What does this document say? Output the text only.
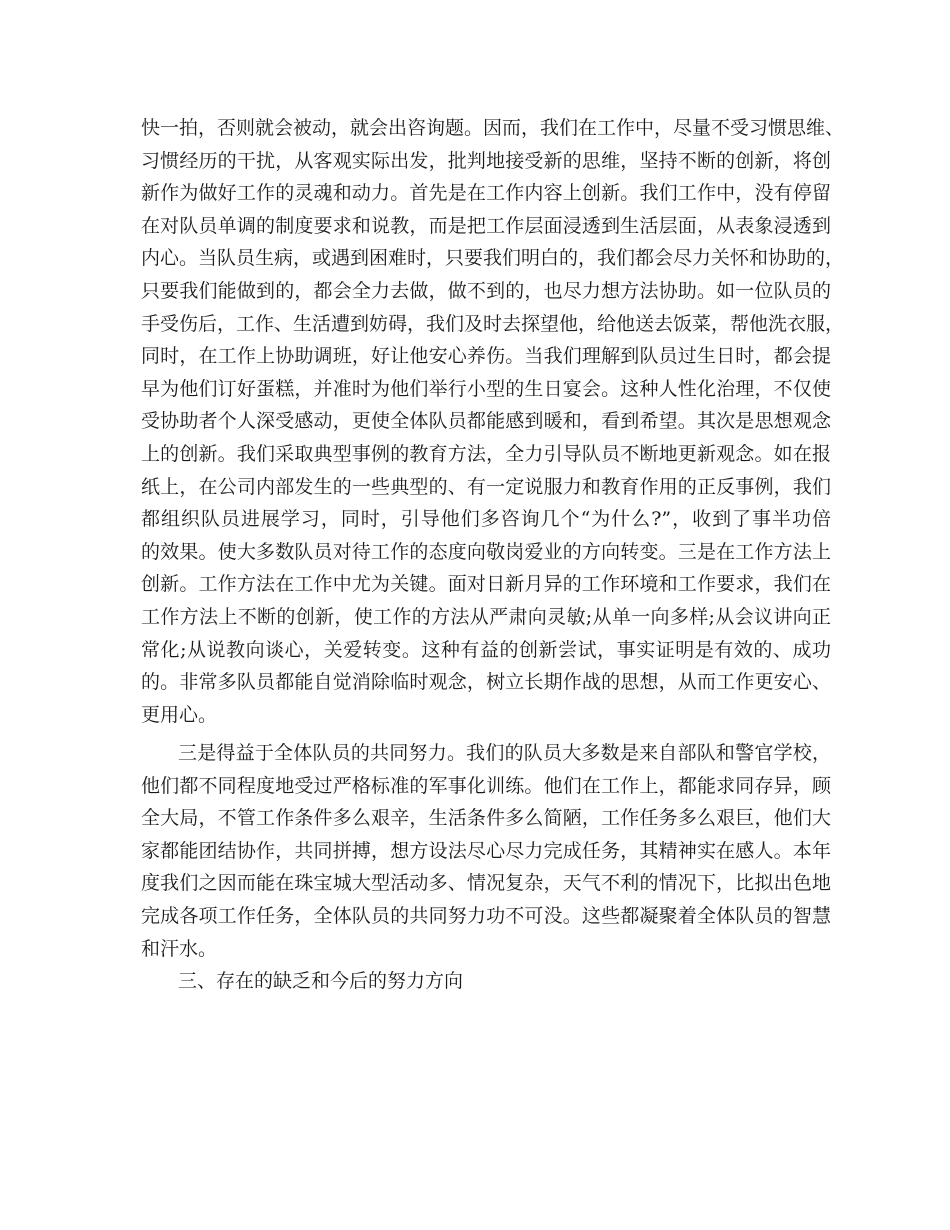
快一拍，否则就会被动，就会出咨询题。因而，我们在工作中，尽量不受习惯思维、
习惯经历的干扰，从客观实际出发，批判地接受新的思维，坚持不断的创新，将创
新作为做好工作的灵魂和动力。首先是在工作内容上创新。我们工作中，没有停留
在对队员单调的制度要求和说教，而是把工作层面浸透到生活层面，从表象浸透到
内心。当队员生病，或遇到困难时，只要我们明白的，我们都会尽力关怀和协助的，
只要我们能做到的，都会全力去做，做不到的，也尽力想方法协助。如一位队员的
手受伤后，工作、生活遭到妨碍，我们及时去探望他，给他送去饭菜，帮他洗衣服，
同时，在工作上协助调班，好让他安心养伤。当我们理解到队员过生日时，都会提
早为他们订好蛋糕，并准时为他们举行小型的生日宴会。这种人性化治理，不仅使
受协助者个人深受感动，更使全体队员都能感到暖和，看到希望。其次是思想观念
上的创新。我们采取典型事例的教育方法，全力引导队员不断地更新观念。如在报
纸上，在公司内部发生的一些典型的、有一定说服力和教育作用的正反事例，我们
都组织队员进展学习，同时，引导他们多咨询几个“为什么?”，收到了事半功倍
的效果。使大多数队员对待工作的态度向敬岗爱业的方向转变。三是在工作方法上
创新。工作方法在工作中尤为关键。面对日新月异的工作环境和工作要求，我们在
工作方法上不断的创新，使工作的方法从严肃向灵敏;从单一向多样;从会议讲向正
常化;从说教向谈心，关爱转变。这种有益的创新尝试，事实证明是有效的、成功
的。非常多队员都能自觉消除临时观念，树立长期作战的思想，从而工作更安心、
更用心。
三是得益于全体队员的共同努力。我们的队员大多数是来自部队和警官学校，
他们都不同程度地受过严格标准的军事化训练。他们在工作上，都能求同存异，顾
全大局，不管工作条件多么艰辛，生活条件多么简陋，工作任务多么艰巨，他们大
家都能团结协作，共同拼搏，想方设法尽心尽力完成任务，其精神实在感人。本年
度我们之因而能在珠宝城大型活动多、情况复杂，天气不利的情况下，比拟出色地
完成各项工作任务，全体队员的共同努力功不可没。这些都凝聚着全体队员的智慧
和汗水。
三、存在的缺乏和今后的努力方向
